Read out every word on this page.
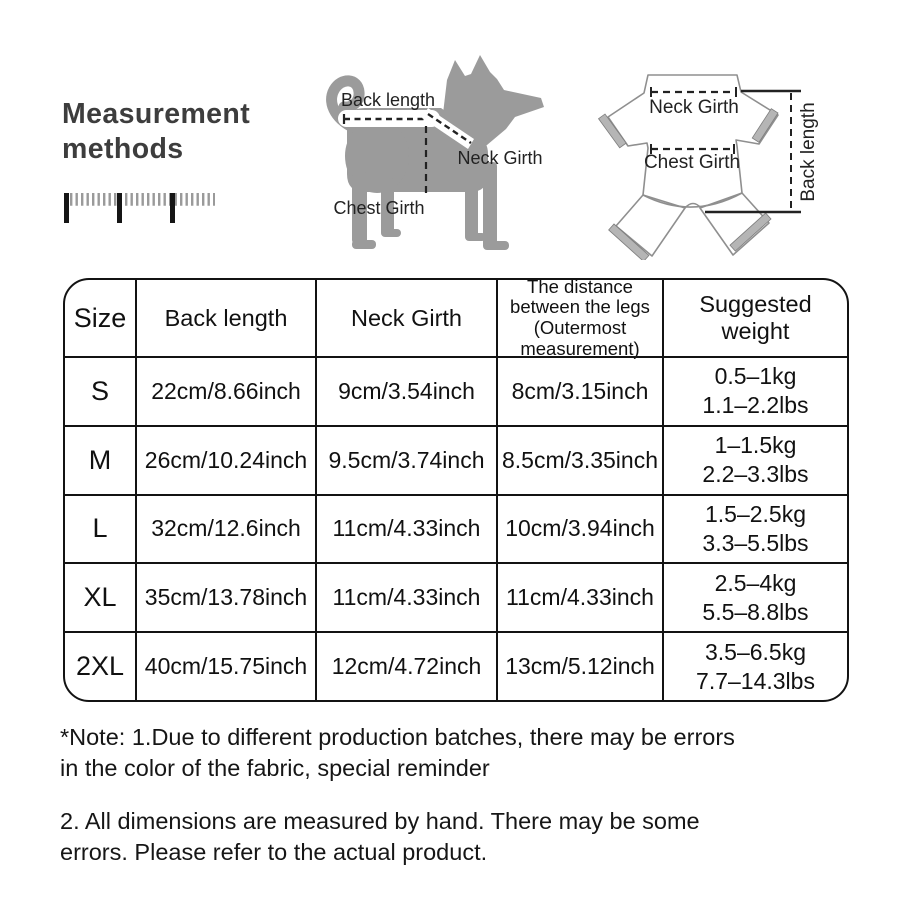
Measurement
methods
Back length
Neck Girth
Chest Girth
Neck Girth
Chest Girth	Back length
Size	Back length	Neck Girth
The distance
between the legs
(Outermost
measurement)
Suggested
weight
S	22cm/8.66inch	9cm/3.54inch	8cm/3.15inch
0.5–1kg
1.1–2.2lbs
M	26cm/10.24inch 9.5cm/3.74inch 8.5cm/3.35inch
1–1.5kg
2.2–3.3lbs
L	32cm/12.6inch	11cm/4.33inch	10cm/3.94inch
1.5–2.5kg
3.3–5.5lbs
XL	35cm/13.78inch	11cm/4.33inch	11cm/4.33inch
2.5–4kg
5.5–8.8lbs
2XL 40cm/15.75inch	12cm/4.72inch	13cm/5.12inch
3.5–6.5kg
7.7–14.3lbs

*Note: 1.Due to different production batches, there may be errors
in the color of the fabric, special reminder

2. All dimensions are measured by hand. There may be some
errors. Please refer to the actual product.
